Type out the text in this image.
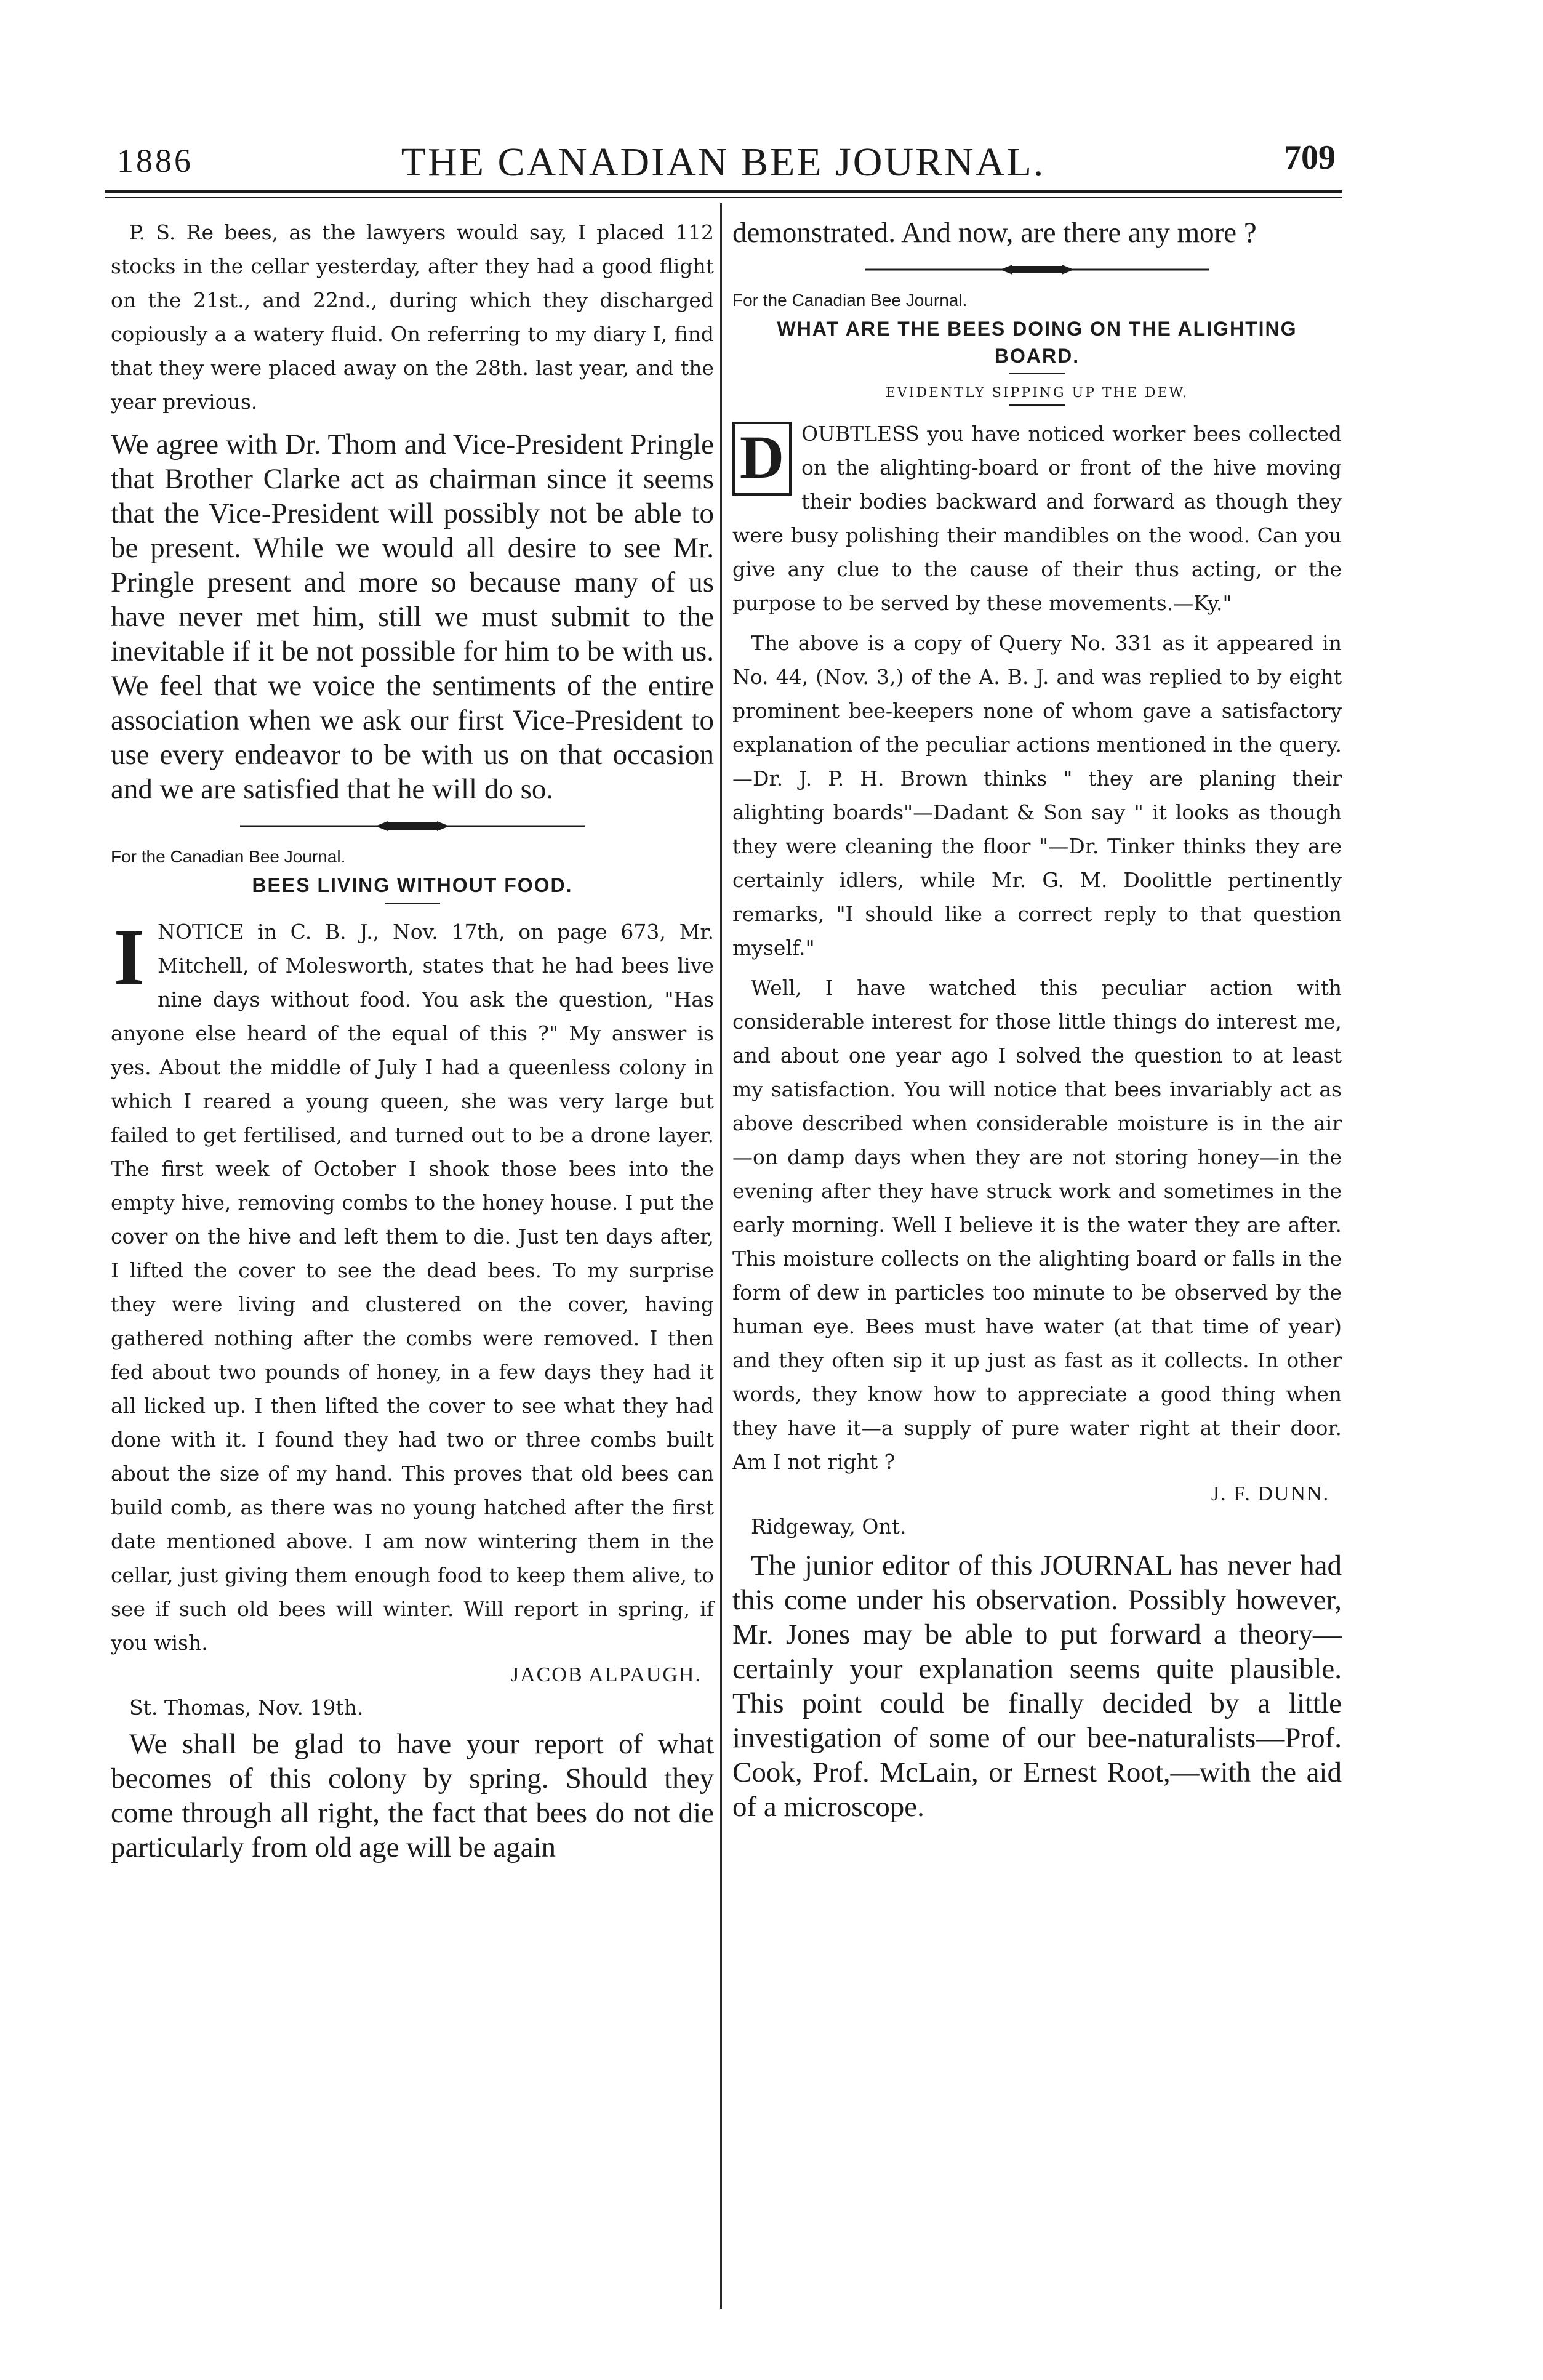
1886	THE CANADIAN BEE JOURNAL.	709

P. S. Re bees, as the lawyers would say, I placed 112 stocks in the cellar yesterday, after they had a good flight on the 21st., and 22nd., during which they discharged copiously a a watery fluid. On referring to my diary I, find that they were placed away on the 28th. last year, and the year previous.

We agree with Dr. Thom and Vice-President Pringle that Brother Clarke act as chairman since it seems that the Vice-President will possibly not be able to be present. While we would all desire to see Mr. Pringle present and more so because many of us have never met him, still we must submit to the inevitable if it be not possible for him to be with us. We feel that we voice the sentiments of the entire association when we ask our first Vice-President to use every endeavor to be with us on that occasion and we are satisfied that he will do so.

For the Canadian Bee Journal.
BEES LIVING WITHOUT FOOD.

I NOTICE in C. B. J., Nov. 17th, on page 673, Mr. Mitchell, of Molesworth, states that he had bees live nine days without food. You ask the question, "Has anyone else heard of the equal of this ?" My answer is yes. About the middle of July I had a queenless colony in which I reared a young queen, she was very large but failed to get fertilised, and turned out to be a drone layer. The first week of October I shook those bees into the empty hive, removing combs to the honey house. I put the cover on the hive and left them to die. Just ten days after, I lifted the cover to see the dead bees. To my surprise they were living and clustered on the cover, having gathered nothing after the combs were removed. I then fed about two pounds of honey, in a few days they had it all licked up. I then lifted the cover to see what they had done with it. I found they had two or three combs built about the size of my hand. This proves that old bees can build comb, as there was no young hatched after the first date mentioned above. I am now wintering them in the cellar, just giving them enough food to keep them alive, to see if such old bees will winter. Will report in spring, if you wish.

JACOB ALPAUGH.
St. Thomas, Nov. 19th.

We shall be glad to have your report of what becomes of this colony by spring. Should they come through all right, the fact that bees do not die particularly from old age will be again

demonstrated. And now, are there any more ?

For the Canadian Bee Journal.
WHAT ARE THE BEES DOING ON THE ALIGHTING BOARD.
EVIDENTLY SIPPING UP THE DEW.

D OUBTLESS you have noticed worker bees collected on the alighting-board or front of the hive moving their bodies backward and forward as though they were busy polishing their mandibles on the wood. Can you give any clue to the cause of their thus acting, or the purpose to be served by these movements.—Ky."

The above is a copy of Query No. 331 as it appeared in No. 44, (Nov. 3,) of the A. B. J. and was replied to by eight prominent bee-keepers none of whom gave a satisfactory explanation of the peculiar actions mentioned in the query.—Dr. J. P. H. Brown thinks " they are planing their alighting boards"—Dadant & Son say " it looks as though they were cleaning the floor "—Dr. Tinker thinks they are certainly idlers, while Mr. G. M. Doolittle pertinently remarks, "I should like a correct reply to that question myself."

Well, I have watched this peculiar action with considerable interest for those little things do interest me, and about one year ago I solved the question to at least my satisfaction. You will notice that bees invariably act as above described when considerable moisture is in the air—on damp days when they are not storing honey—in the evening after they have struck work and sometimes in the early morning. Well I believe it is the water they are after. This moisture collects on the alighting board or falls in the form of dew in particles too minute to be observed by the human eye. Bees must have water (at that time of year) and they often sip it up just as fast as it collects. In other words, they know how to appreciate a good thing when they have it—a supply of pure water right at their door. Am I not right ?

J. F. DUNN.
Ridgeway, Ont.

The junior editor of this JOURNAL has never had this come under his observation. Possibly however, Mr. Jones may be able to put forward a theory—certainly your explanation seems quite plausible. This point could be finally decided by a little investigation of some of our bee-naturalists—Prof. Cook, Prof. McLain, or Ernest Root,—with the aid of a microscope.
